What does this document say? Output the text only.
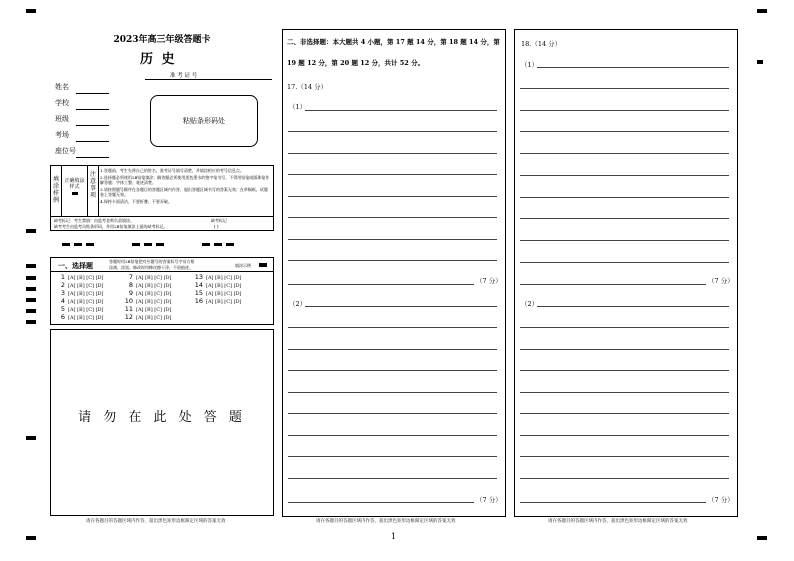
2023年高三年级答题卡
历 史
准 考 证 号
姓名
学校
班级
考场
座位号
粘贴条形码处
填涂样例
正确填涂样式
注意事项
1.答题前，考生先将自己的姓名、准考证号填写清楚，并填涂相应的考号信息点。
2.选择题必须使用2B铅笔填涂；解答题必须使用黑色墨水的签字笔书写，不得用铅笔或圆珠笔作解答题；字体工整、笔迹清楚。
3.请按照题号顺序在各题目的答题区域内作答，超出答题区域书写的答案无效；在草稿纸、试题卷上答题无效。
4.保持卡面清洁，不要折叠，不要弄破。
缺考标记：考生禁填！由监考老师负责填涂。
缺考考生由监考员贴条形码，并用2B铅笔填涂上面的缺考标记。
缺考标记
[ ]
一、选择题
答题时用2B铅笔把对应题号的答案标号字母方框
涂满、涂黑。修改时用橡皮擦干净，不留痕迹。	填涂示例
1 [A] [B] [C] [D]
2 [A] [B] [C] [D]
3 [A] [B] [C] [D]
4 [A] [B] [C] [D]
5 [A] [B] [C] [D]
6 [A] [B] [C] [D]
7 [A] [B] [C] [D]
8 [A] [B] [C] [D]
9 [A] [B] [C] [D]
10 [A] [B] [C] [D]
11 [A] [B] [C] [D]
12 [A] [B] [C] [D]
13 [A] [B] [C] [D]
14 [A] [B] [C] [D]
15 [A] [B] [C] [D]
16 [A] [B] [C] [D]
请 勿 在 此 处 答 题
请在各题目的答题区域内作答，超出黑色矩形边框限定区域的答案无效
二、非选择题：本大题共 4 小题，第 17 题 14 分，第 18 题 14 分，第
19 题 12 分，第 20 题 12 分，共计 52 分。
17.（14 分）
（1）
（7 分）
（2）
（7 分）
请在各题目的答题区域内作答，超出黑色矩形边框限定区域的答案无效
1
18.（14 分）
（1）
（7 分）
（2）
（7 分）
请在各题目的答题区域内作答，超出黑色矩形边框限定区域的答案无效
